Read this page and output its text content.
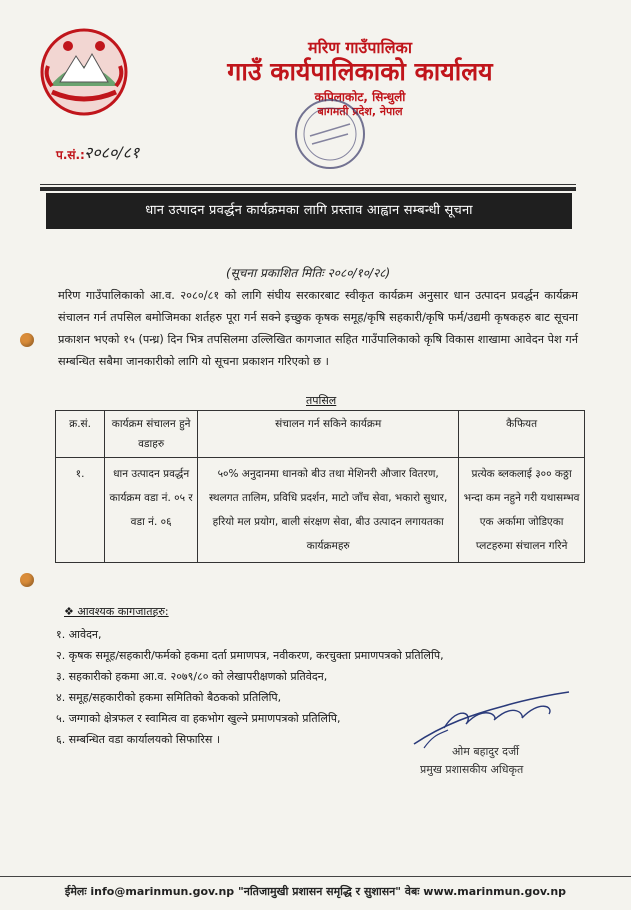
मरिण गाउँपालिका
गाउँ कार्यपालिकाको कार्यालय
कपिलाकोट, सिन्धुली
बागमती प्रदेश, नेपाल
प.सं.: २०८०/८१
धान उत्पादन प्रवर्द्धन कार्यक्रमका लागि प्रस्ताव आह्वान सम्बन्धी सूचना
(सूचना प्रकाशित मितिः २०८०/१०/२८)
मरिण गाउँपालिकाको आ.व. २०८०/८१ को लागि संघीय सरकारबाट स्वीकृत कार्यक्रम अनुसार धान उत्पादन प्रवर्द्धन कार्यक्रम संचालन गर्न तपसिल बमोजिमका शर्तहरु पूरा गर्न सक्ने इच्छुक कृषक समूह/कृषि सहकारी/कृषि फर्म/उद्यमी कृषकहरु बाट सूचना प्रकाशन भएको १५ (पन्ध्र) दिन भित्र तपसिलमा उल्लिखित कागजात सहित गाउँपालिकाको कृषि विकास शाखामा आवेदन पेश गर्न सम्बन्धित सबैमा जानकारीको लागि यो सूचना प्रकाशन गरिएको छ ।
तपसिल
क्र.सं.	कार्यक्रम संचालन हुने वडाहरु	संचालन गर्न सकिने कार्यक्रम	कैफियत
१.	धान उत्पादन प्रवर्द्धन कार्यक्रम वडा नं. ०५ र वडा नं. ०६	५०% अनुदानमा धानको बीउ तथा मेशिनरी औजार वितरण, स्थलगत तालिम, प्रविधि प्रदर्शन, माटो जाँच सेवा, भकारो सुधार, हरियो मल प्रयोग, बाली संरक्षण सेवा, बीउ उत्पादन लगायतका कार्यक्रमहरु	प्रत्येक ब्लकलाई ३०० कठ्ठा भन्दा कम नहुने गरी यथासम्भव एक अर्कामा जोडिएका प्लटहरुमा संचालन गरिने
❖ आवश्यक कागजातहरु:
१. आवेदन,
२. कृषक समूह/सहकारी/फर्मको हकमा दर्ता प्रमाणपत्र, नवीकरण, करचुक्ता प्रमाणपत्रको प्रतिलिपि,
३. सहकारीको हकमा आ.व. २०७९/८० को लेखापरीक्षणको प्रतिवेदन,
४. समूह/सहकारीको हकमा समितिको बैठकको प्रतिलिपि,
५. जग्गाको क्षेत्रफल र स्वामित्व वा हकभोग खुल्ने प्रमाणपत्रको प्रतिलिपि,
६. सम्बन्धित वडा कार्यालयको सिफारिस ।
ओम बहादुर दर्जी
प्रमुख प्रशासकीय अधिकृत
ईमेलः info@marinmun.gov.np "नतिजामुखी प्रशासन समृद्धि र सुशासन" वेबः www.marinmun.gov.np
